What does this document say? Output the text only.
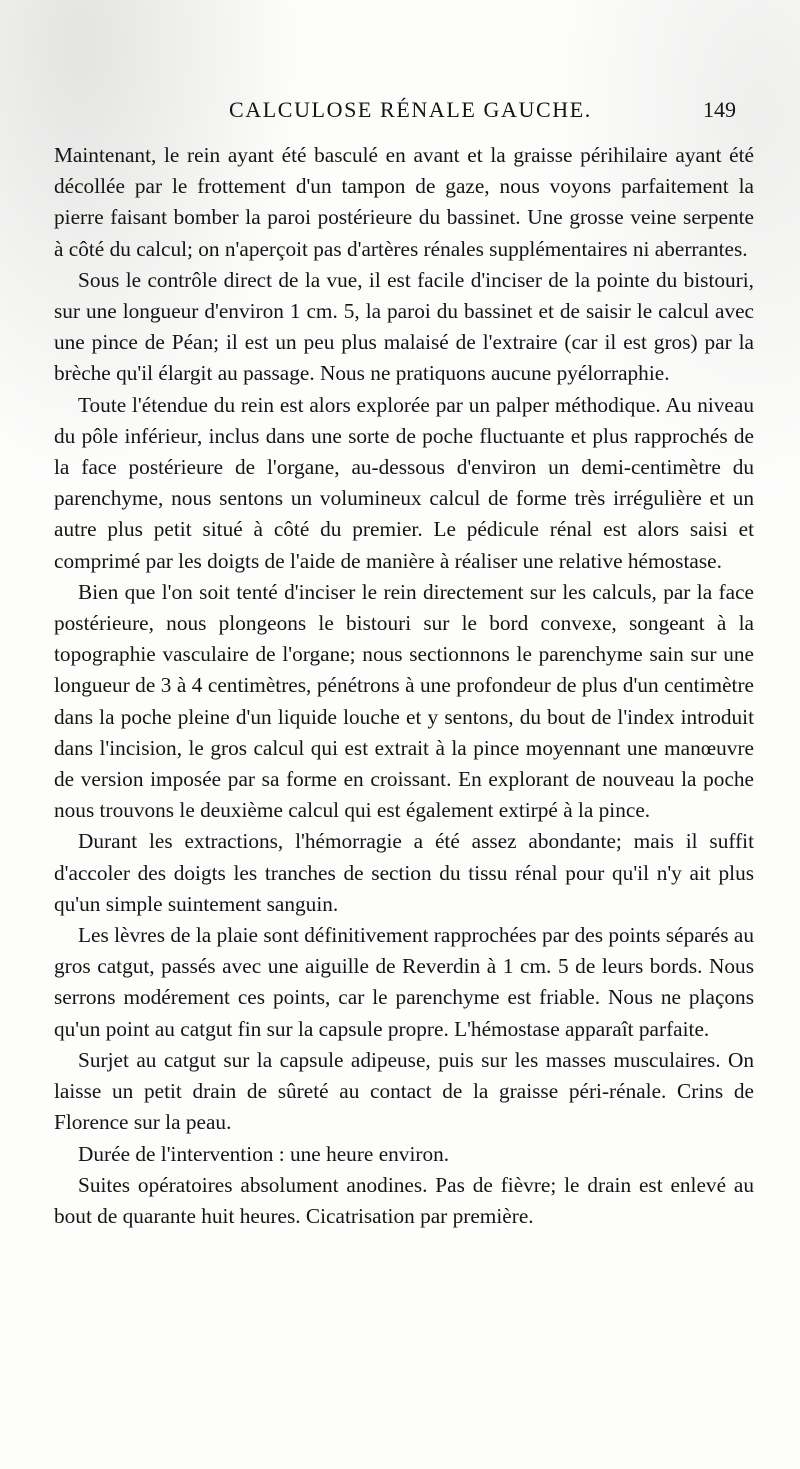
CALCULOSE RÉNALE GAUCHE.	149

Maintenant, le rein ayant été basculé en avant et la graisse périhilaire ayant été décollée par le frottement d'un tampon de gaze, nous voyons parfaitement la pierre faisant bomber la paroi postérieure du bassinet. Une grosse veine serpente à côté du calcul; on n'aperçoit pas d'artères rénales supplémentaires ni aberrantes.

Sous le contrôle direct de la vue, il est facile d'inciser de la pointe du bistouri, sur une longueur d'environ 1 cm. 5, la paroi du bassinet et de saisir le calcul avec une pince de Péan; il est un peu plus malaisé de l'extraire (car il est gros) par la brèche qu'il élargit au passage. Nous ne pratiquons aucune pyélorraphie.

Toute l'étendue du rein est alors explorée par un palper méthodique. Au niveau du pôle inférieur, inclus dans une sorte de poche fluctuante et plus rapprochés de la face postérieure de l'organe, au-dessous d'environ un demi-centimètre du parenchyme, nous sentons un volumineux calcul de forme très irrégulière et un autre plus petit situé à côté du premier. Le pédicule rénal est alors saisi et comprimé par les doigts de l'aide de manière à réaliser une relative hémostase.

Bien que l'on soit tenté d'inciser le rein directement sur les calculs, par la face postérieure, nous plongeons le bistouri sur le bord convexe, songeant à la topographie vasculaire de l'organe; nous sectionnons le parenchyme sain sur une longueur de 3 à 4 centimètres, pénétrons à une profondeur de plus d'un centimètre dans la poche pleine d'un liquide louche et y sentons, du bout de l'index introduit dans l'incision, le gros calcul qui est extrait à la pince moyennant une manœuvre de version imposée par sa forme en croissant. En explorant de nouveau la poche nous trouvons le deuxième calcul qui est également extirpé à la pince.

Durant les extractions, l'hémorragie a été assez abondante; mais il suffit d'accoler des doigts les tranches de section du tissu rénal pour qu'il n'y ait plus qu'un simple suintement sanguin.

Les lèvres de la plaie sont définitivement rapprochées par des points séparés au gros catgut, passés avec une aiguille de Reverdin à 1 cm. 5 de leurs bords. Nous serrons modérement ces points, car le parenchyme est friable. Nous ne plaçons qu'un point au catgut fin sur la capsule propre. L'hémostase apparaît parfaite.

Surjet au catgut sur la capsule adipeuse, puis sur les masses musculaires. On laisse un petit drain de sûreté au contact de la graisse péri-rénale. Crins de Florence sur la peau.

Durée de l'intervention : une heure environ.

Suites opératoires absolument anodines. Pas de fièvre; le drain est enlevé au bout de quarante huit heures. Cicatrisation par première.
